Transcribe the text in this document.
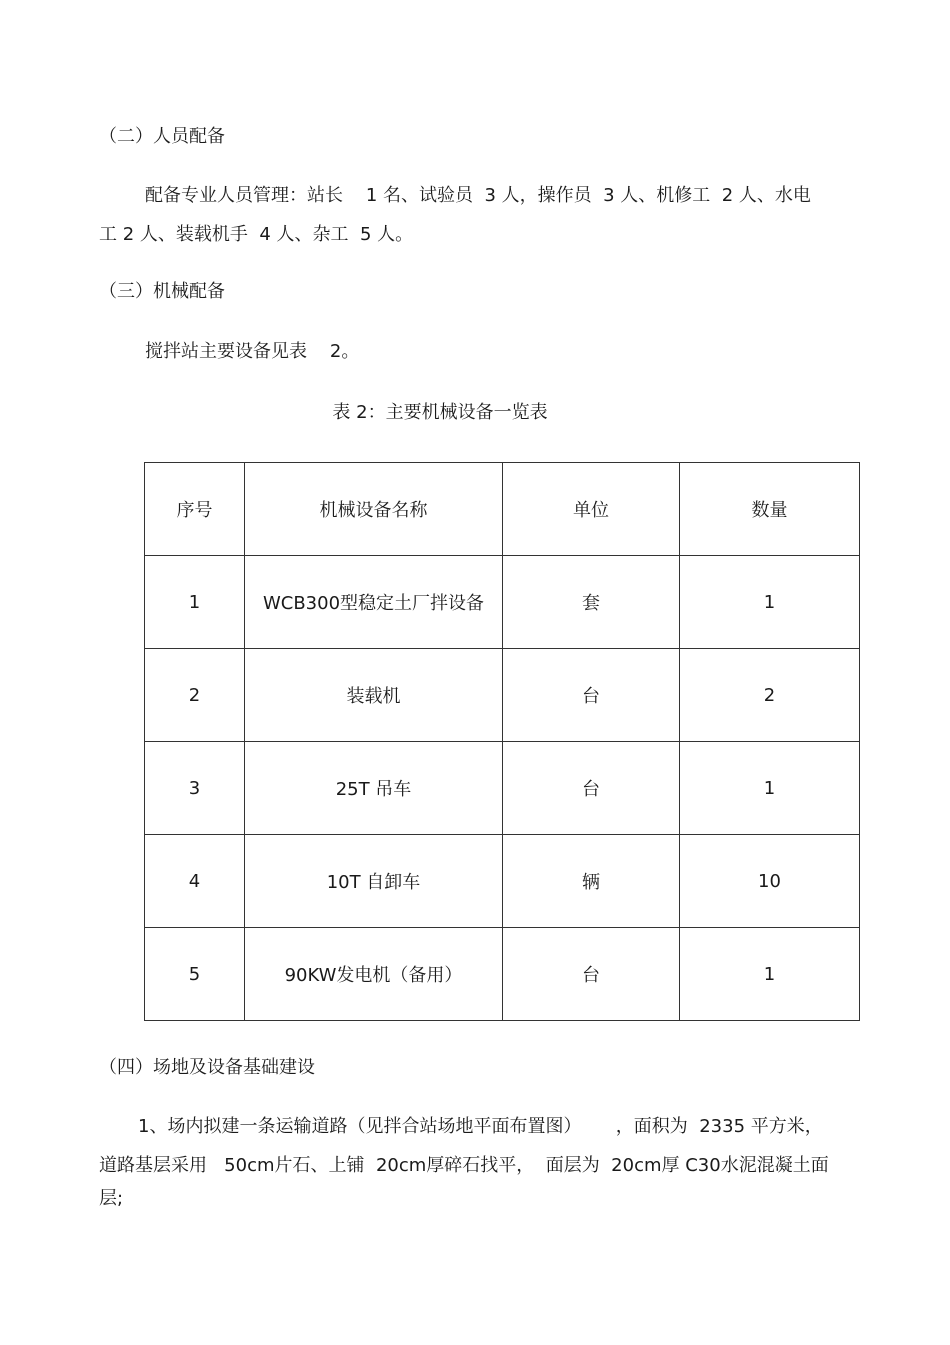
（二）人员配备
配备专业人员管理：站长    1 名、试验员  3 人，操作员  3 人、机修工  2 人、水电
工 2 人、装载机手  4 人、杂工  5 人。
（三）机械配备
搅拌站主要设备见表    2。
表 2：主要机械设备一览表
序号	机械设备名称	单位	数量
1	WCB300型稳定土厂拌设备	套	1
2	装载机	台	2
3	25T 吊车	台	1
4	10T 自卸车	辆	10
5	90KW发电机（备用）	台	1
（四）场地及设备基础建设
1、场内拟建一条运输道路（见拌合站场地平面布置图）      ，面积为  2335 平方米，
道路基层采用   50cm片石、上铺  20cm厚碎石找平，  面层为  20cm厚 C30水泥混凝土面
层;
